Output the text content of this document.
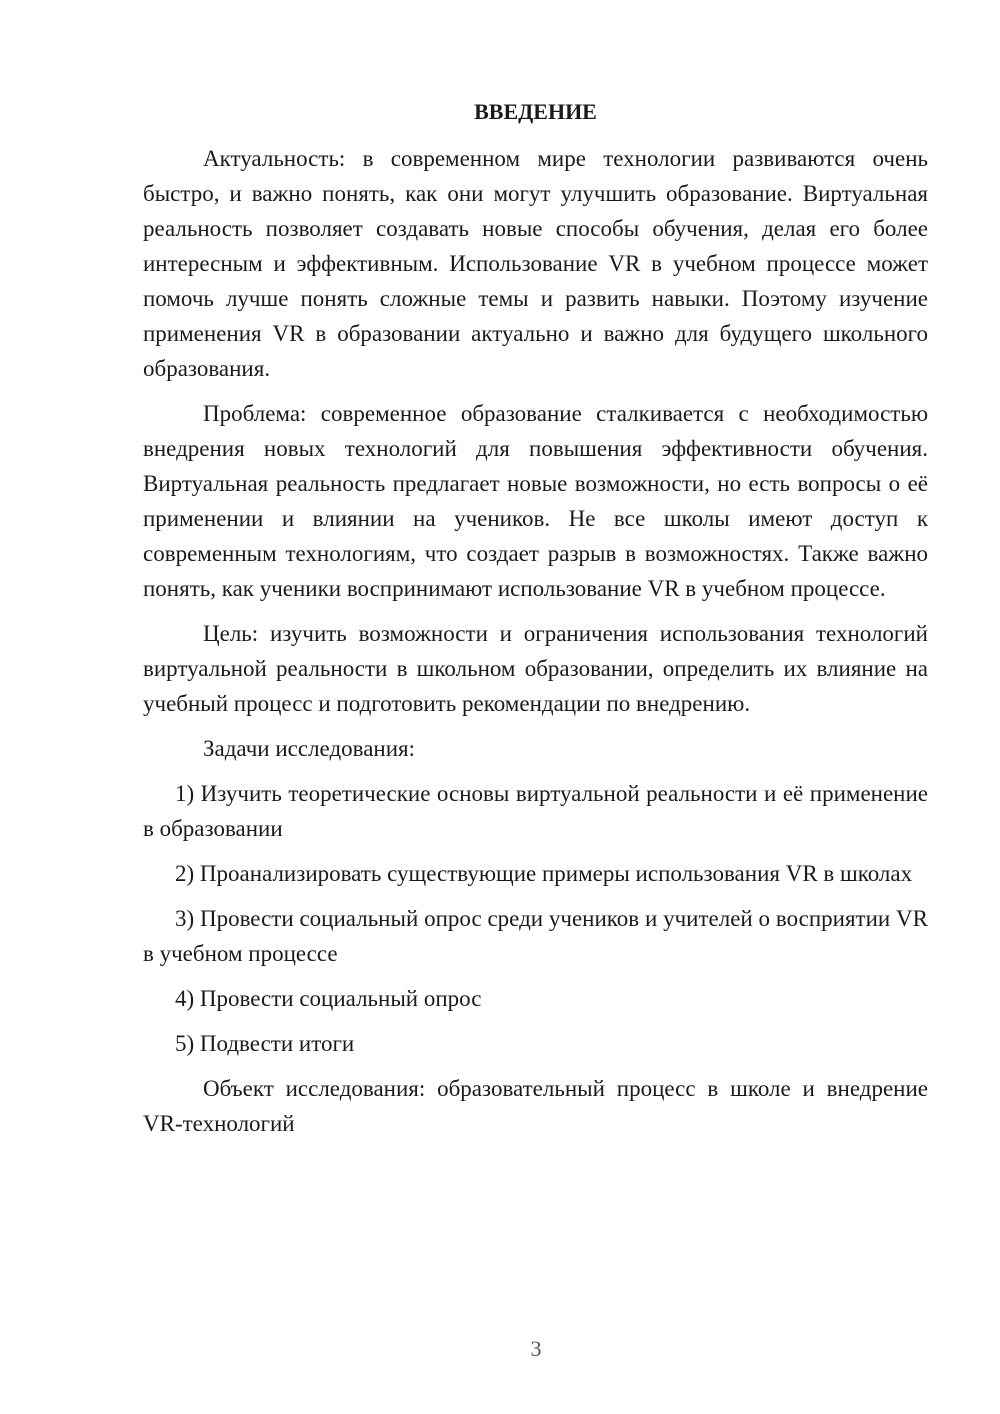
ВВЕДЕНИЕ

Актуальность: в современном мире технологии развиваются очень быстро, и важно понять, как они могут улучшить образование. Виртуальная реальность позволяет создавать новые способы обучения, делая его более интересным и эффективным. Использование VR в учебном процессе может помочь лучше понять сложные темы и развить навыки. Поэтому изучение применения VR в образовании актуально и важно для будущего школьного образования.

Проблема: современное образование сталкивается с необходимостью внедрения новых технологий для повышения эффективности обучения. Виртуальная реальность предлагает новые возможности, но есть вопросы о её применении и влиянии на учеников. Не все школы имеют доступ к современным технологиям, что создает разрыв в возможностях. Также важно понять, как ученики воспринимают использование VR в учебном процессе.

Цель: изучить возможности и ограничения использования технологий виртуальной реальности в школьном образовании, определить их влияние на учебный процесс и подготовить рекомендации по внедрению.

Задачи исследования:

1) Изучить теоретические основы виртуальной реальности и её применение в образовании

2) Проанализировать существующие примеры использования VR в школах

3) Провести социальный опрос среди учеников и учителей о восприятии VR в учебном процессе

4) Провести социальный опрос

5) Подвести итоги

Объект исследования: образовательный процесс в школе и внедрение VR-технологий

3
